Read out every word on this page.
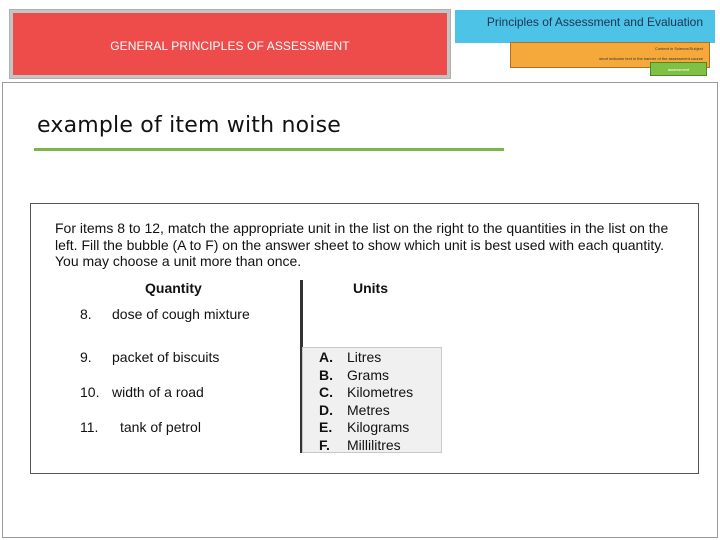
GENERAL PRINCIPLES OF ASSESSMENT
Principles of Assessment and Evaluation
Content in Science/Subject
short indicator text in the banner of the assessment course
assessment
example of item with noise

For items 8 to 12, match the appropriate unit in the list on the right to the quantities in the list on the left. Fill the bubble (A to F) on the answer sheet to show which unit is best used with each quantity. You may choose a unit more than once.

Quantity	Units
8. dose of cough mixture
9. packet of biscuits
10. width of a road
11. tank of petrol
A. Litres
B. Grams
C. Kilometres
D. Metres
E. Kilograms
F. Millilitres
